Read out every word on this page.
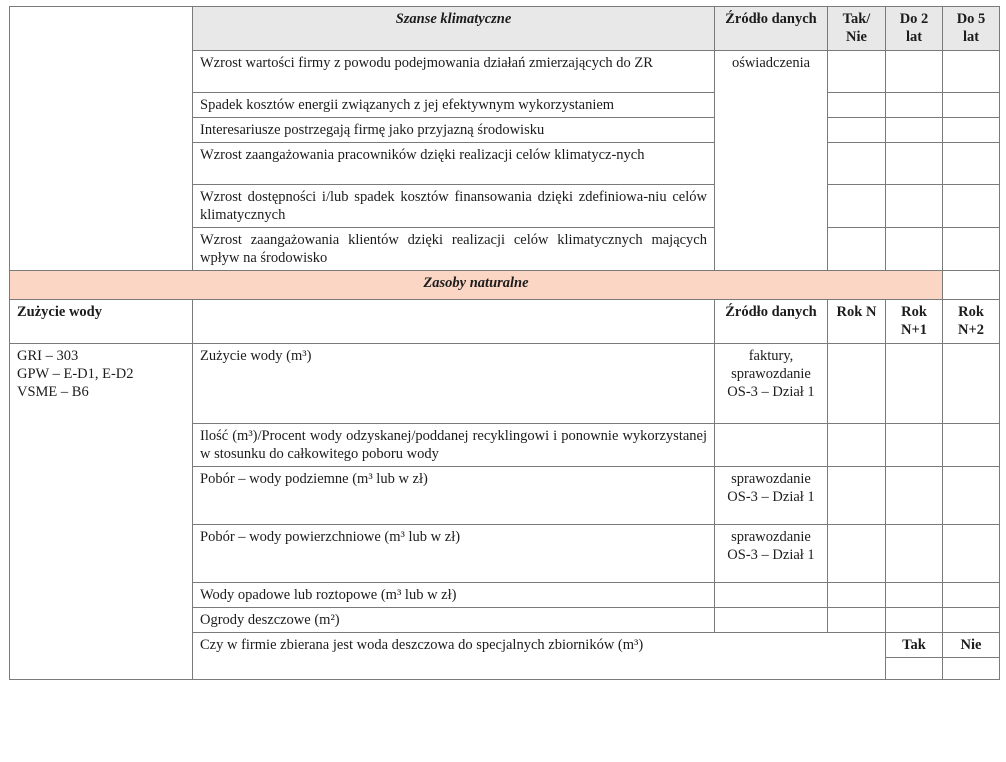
	Szanse klimatyczne	Źródło danych	Tak/ Nie	Do 2 lat	Do 5 lat
	Wzrost wartości firmy z powodu podejmowania działań zmierzających do ZR	oświadczenia			
	Spadek kosztów energii związanych z jej efektywnym wykorzystaniem				
	Interesariusze postrzegają firmę jako przyjazną środowisku				
	Wzrost zaangażowania pracowników dzięki realizacji celów klimatycz-nych				
	Wzrost dostępności i/lub spadek kosztów finansowania dzięki zdefiniowa-niu celów klimatycznych				
	Wzrost zaangażowania klientów dzięki realizacji celów klimatycznych mających wpływ na środowisko				
Zasoby naturalne					
Zużycie wody		Źródło danych	Rok N	Rok N+1	Rok N+2

GRI – 303
GPW – E-D1, E-D2
VSME – B6	Zużycie wody (m³)	faktury, sprawozdanie OS-3 – Dział 1			
	Ilość (m³)/Procent wody odzyskanej/poddanej recyklingowi i ponownie wykorzystanej w stosunku do całkowitego poboru wody				
	Pobór – wody podziemne (m³ lub w zł)	sprawozdanie OS-3 – Dział 1			
	Pobór – wody powierzchniowe (m³ lub w zł)	sprawozdanie OS-3 – Dział 1			
	Wody opadowe lub roztopowe (m³ lub w zł)				
	Ogrody deszczowe (m²)				
	Czy w firmie zbierana jest woda deszczowa do specjalnych zbiorników (m³)			Tak	Nie
